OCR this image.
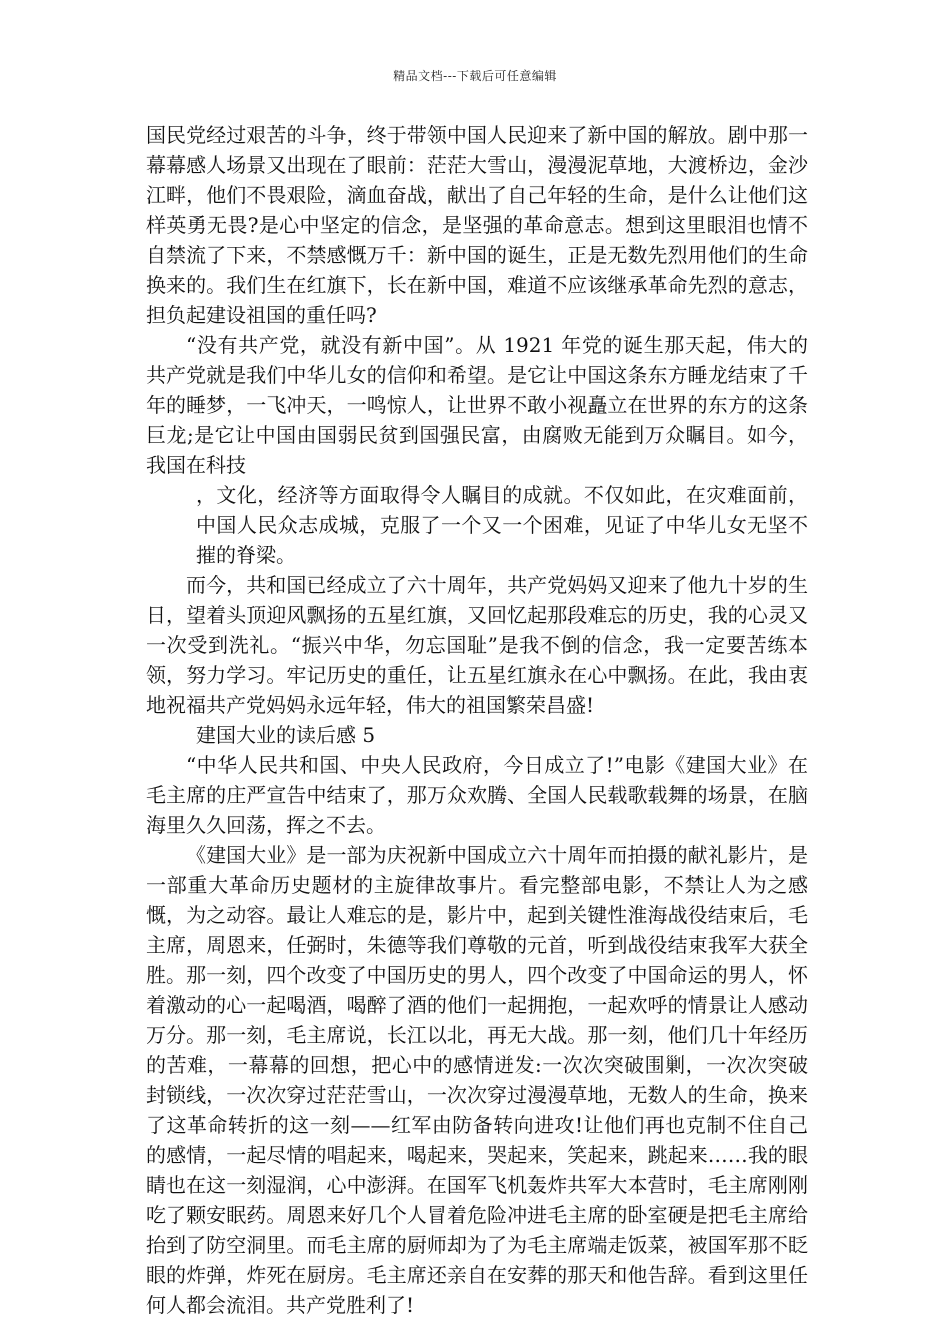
精品文档---下载后可任意编辑

国民党经过艰苦的斗争，终于带领中国人民迎来了新中国的解放。剧中那一幕幕感人场景又出现在了眼前：茫茫大雪山，漫漫泥草地，大渡桥边，金沙江畔，他们不畏艰险，滴血奋战，献出了自己年轻的生命，是什么让他们这样英勇无畏?是心中坚定的信念，是坚强的革命意志。想到这里眼泪也情不自禁流了下来，不禁感慨万千：新中国的诞生，正是无数先烈用他们的生命换来的。我们生在红旗下，长在新中国，难道不应该继承革命先烈的意志，担负起建设祖国的重任吗?

“没有共产党，就没有新中国”。从 1921 年党的诞生那天起，伟大的共产党就是我们中华儿女的信仰和希望。是它让中国这条东方睡龙结束了千年的睡梦，一飞冲天，一鸣惊人，让世界不敢小视矗立在世界的东方的这条巨龙;是它让中国由国弱民贫到国强民富，由腐败无能到万众瞩目。如今，我国在科技

，文化，经济等方面取得令人瞩目的成就。不仅如此，在灾难面前，中国人民众志成城，克服了一个又一个困难，见证了中华儿女无坚不摧的脊梁。

而今，共和国已经成立了六十周年，共产党妈妈又迎来了他九十岁的生日，望着头顶迎风飘扬的五星红旗，又回忆起那段难忘的历史，我的心灵又一次受到洗礼。“振兴中华，勿忘国耻”是我不倒的信念，我一定要苦练本领，努力学习。牢记历史的重任，让五星红旗永在心中飘扬。在此，我由衷地祝福共产党妈妈永远年轻，伟大的祖国繁荣昌盛!

建国大业的读后感 5

“中华人民共和国、中央人民政府，今日成立了!”电影《建国大业》在毛主席的庄严宣告中结束了，那万众欢腾、全国人民载歌载舞的场景，在脑海里久久回荡，挥之不去。

《建国大业》是一部为庆祝新中国成立六十周年而拍摄的献礼影片，是一部重大革命历史题材的主旋律故事片。看完整部电影，不禁让人为之感慨，为之动容。最让人难忘的是，影片中，起到关键性淮海战役结束后，毛主席，周恩来，任弼时，朱德等我们尊敬的元首，听到战役结束我军大获全胜。那一刻，四个改变了中国历史的男人，四个改变了中国命运的男人，怀着激动的心一起喝酒，喝醉了酒的他们一起拥抱，一起欢呼的情景让人感动万分。那一刻，毛主席说，长江以北，再无大战。那一刻，他们几十年经历的苦难，一幕幕的回想，把心中的感情迸发:一次次突破围剿，一次次突破封锁线，一次次穿过茫茫雪山，一次次穿过漫漫草地，无数人的生命，换来了这革命转折的这一刻——红军由防备转向进攻!让他们再也克制不住自己的感情，一起尽情的唱起来，喝起来，哭起来，笑起来，跳起来……我的眼睛也在这一刻湿润，心中澎湃。在国军飞机轰炸共军大本营时，毛主席刚刚吃了颗安眠药。周恩来好几个人冒着危险冲进毛主席的卧室硬是把毛主席给抬到了防空洞里。而毛主席的厨师却为了为毛主席端走饭菜，被国军那不眨眼的炸弹，炸死在厨房。毛主席还亲自在安葬的那天和他告辞。看到这里任何人都会流泪。共产党胜利了!
